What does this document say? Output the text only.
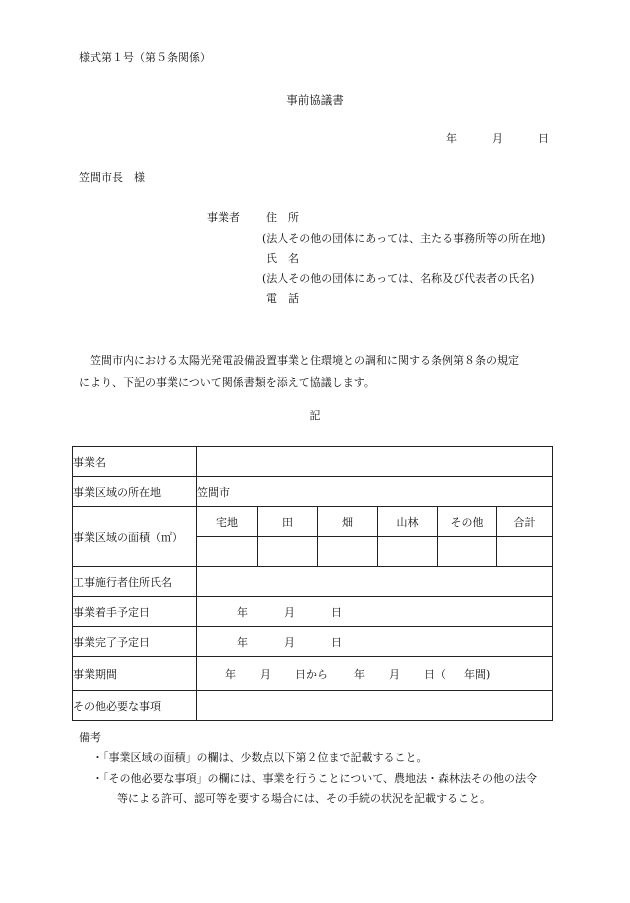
様式第１号（第５条関係）
事前協議書
年	月	日
笠間市長　様
事業者 住　所
(法人その他の団体にあっては、主たる事務所等の所在地)
氏　名
(法人その他の団体にあっては、名称及び代表者の氏名)
電　話
笠間市内における太陽光発電設備設置事業と住環境との調和に関する条例第８条の規定
により、下記の事業について関係書類を添えて協議します。
記
事業名						
事業区域の所在地	笠間市					
事業区域の面積（㎡）	宅地	田	畑	山林	その他	合計

工事施行者住所氏名						
事業着手予定日	年 月 日					
事業完了予定日	年 月 日					
事業期間	年 月 日から 年 月 日（ 年間)					
その他必要な事項						
備考
・「事業区域の面積」の欄は、少数点以下第２位まで記載すること。
・「その他必要な事項」の欄には、事業を行うことについて、農地法・森林法その他の法令
等による許可、認可等を要する場合には、その手続の状況を記載すること。
